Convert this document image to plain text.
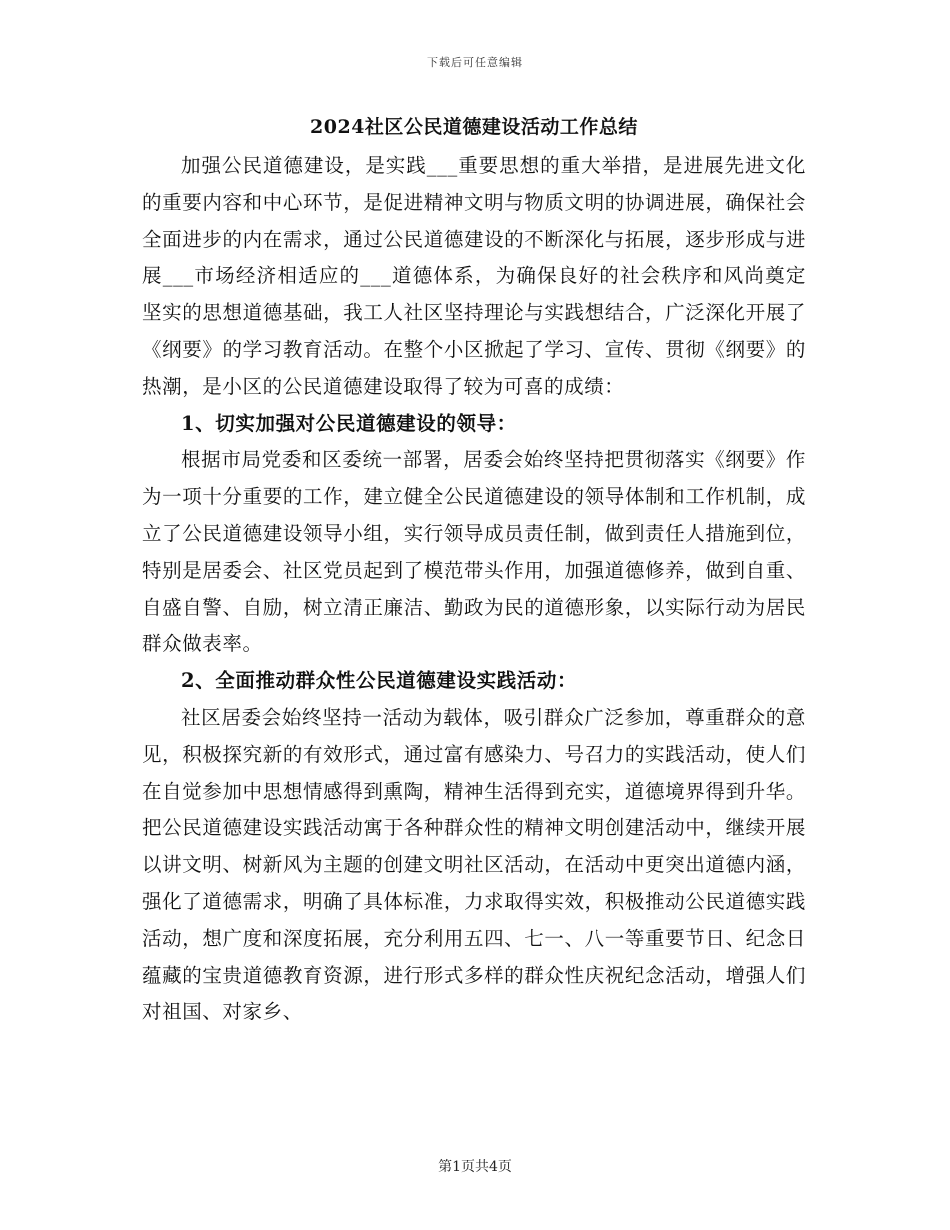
下载后可任意编辑
2024社区公民道德建设活动工作总结

加强公民道德建设，是实践___重要思想的重大举措，是进展先进文化的重要内容和中心环节，是促进精神文明与物质文明的协调进展，确保社会全面进步的内在需求，通过公民道德建设的不断深化与拓展，逐步形成与进展___市场经济相适应的___道德体系，为确保良好的社会秩序和风尚奠定坚实的思想道德基础，我工人社区坚持理论与实践想结合，广泛深化开展了《纲要》的学习教育活动。在整个小区掀起了学习、宣传、贯彻《纲要》的热潮，是小区的公民道德建设取得了较为可喜的成绩：

1、切实加强对公民道德建设的领导：

根据市局党委和区委统一部署，居委会始终坚持把贯彻落实《纲要》作为一项十分重要的工作，建立健全公民道德建设的领导体制和工作机制，成立了公民道德建设领导小组，实行领导成员责任制，做到责任人措施到位，特别是居委会、社区党员起到了模范带头作用，加强道德修养，做到自重、自盛自警、自励，树立清正廉洁、勤政为民的道德形象，以实际行动为居民群众做表率。

2、全面推动群众性公民道德建设实践活动：

社区居委会始终坚持一活动为载体，吸引群众广泛参加，尊重群众的意见，积极探究新的有效形式，通过富有感染力、号召力的实践活动，使人们在自觉参加中思想情感得到熏陶，精神生活得到充实，道德境界得到升华。把公民道德建设实践活动寓于各种群众性的精神文明创建活动中，继续开展以讲文明、树新风为主题的创建文明社区活动，在活动中更突出道德内涵，强化了道德需求，明确了具体标准，力求取得实效，积极推动公民道德实践活动，想广度和深度拓展，充分利用五四、七一、八一等重要节日、纪念日蕴藏的宝贵道德教育资源，进行形式多样的群众性庆祝纪念活动，增强人们对祖国、对家乡、

第1页共4页
